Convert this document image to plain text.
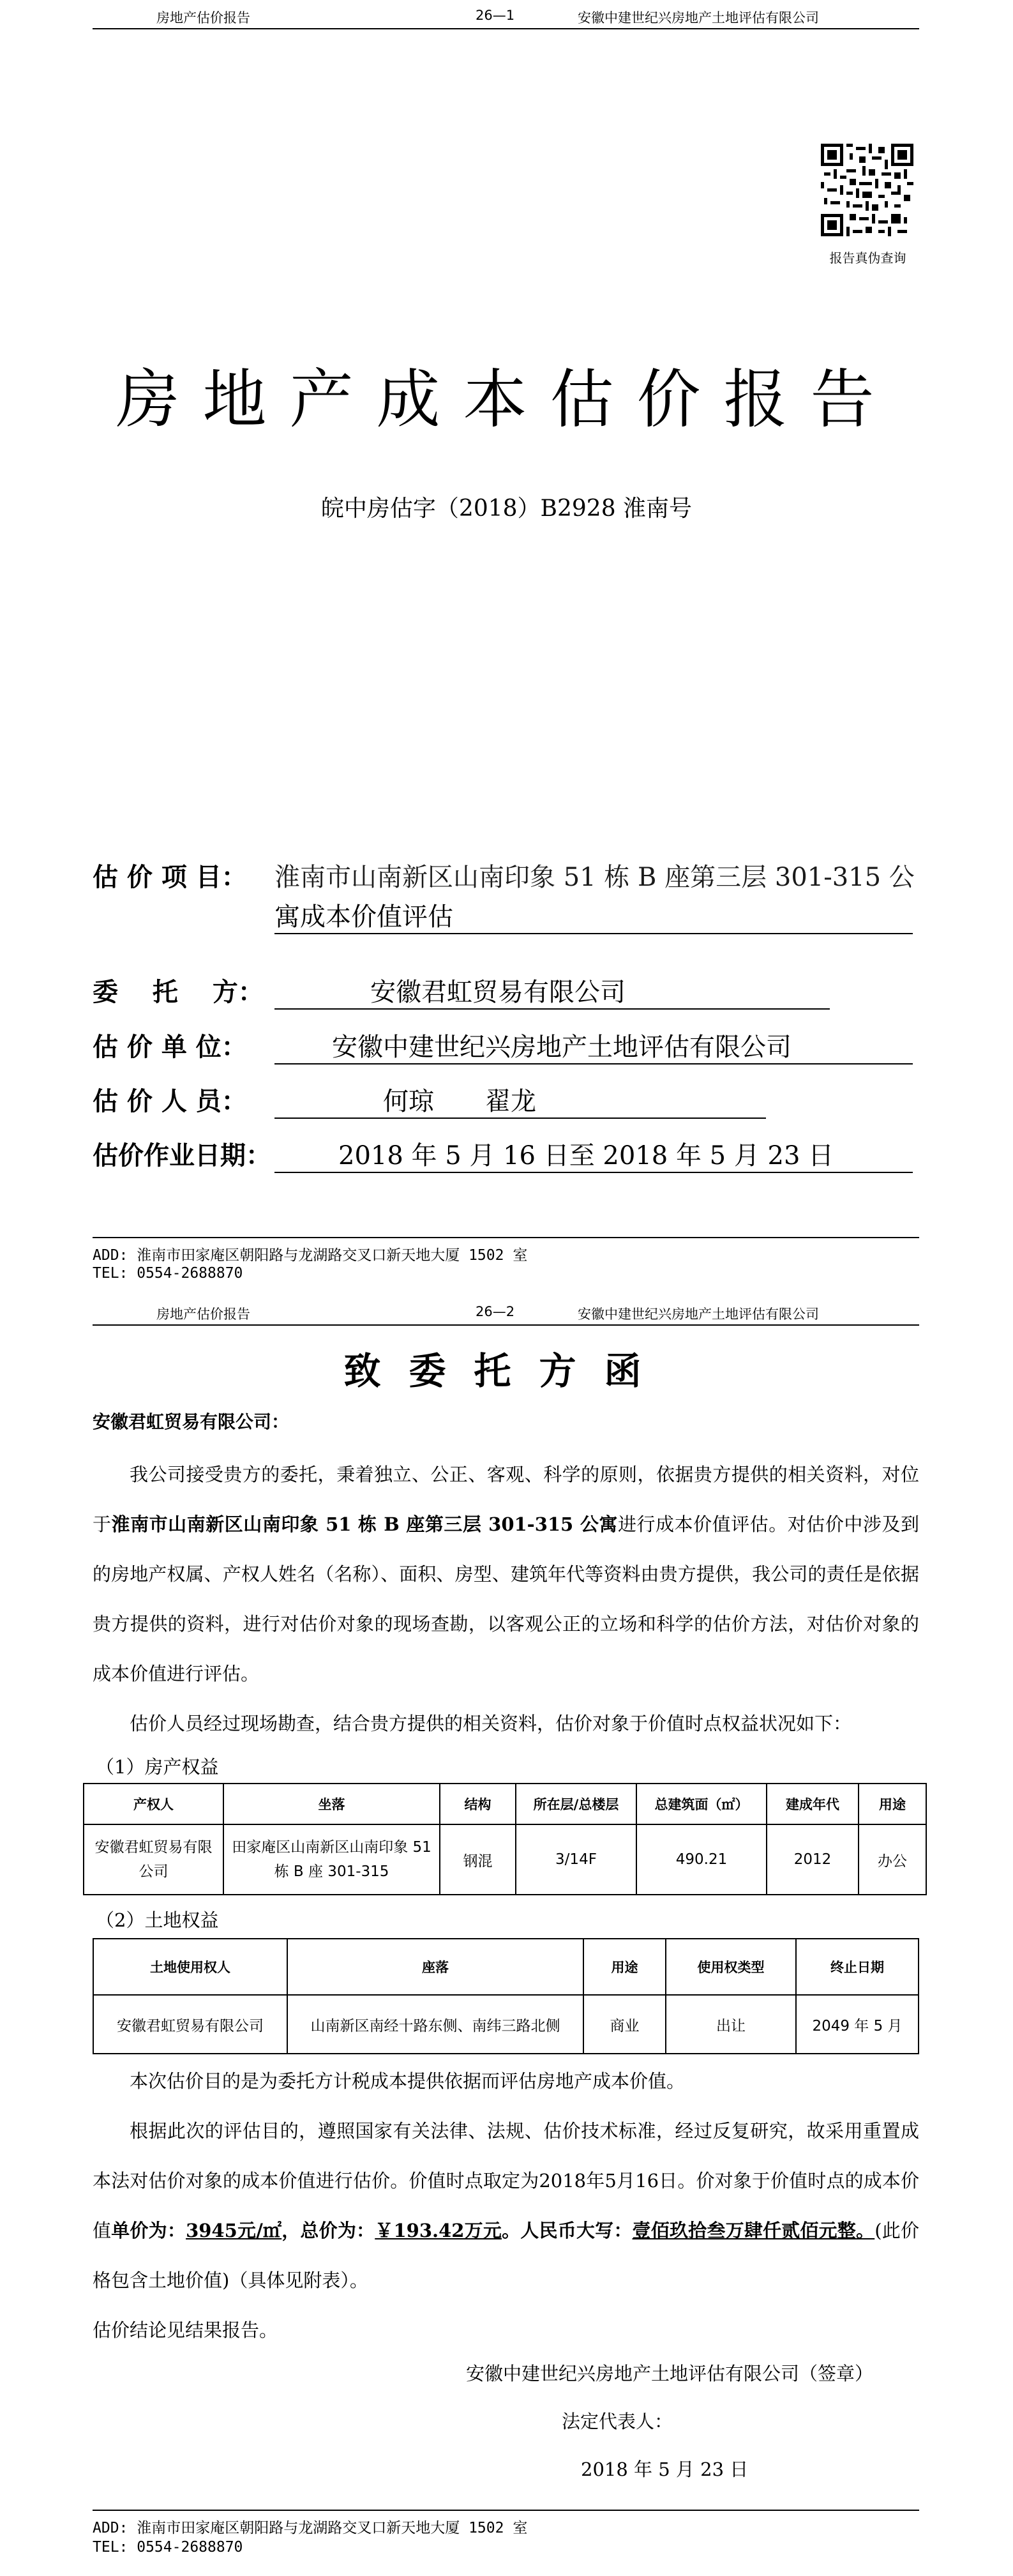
房地产估价报告	26—1	安徽中建世纪兴房地产土地评估有限公司
报告真伪查询
房地产成本估价报告
皖中房估字（2018）B2928 淮南号
估 价 项 目： 淮南市山南新区山南印象 51 栋 B 座第三层 301-315 公
寓成本价值评估
委　 托　 方：	安徽君虹贸易有限公司
估 价 单 位：	安徽中建世纪兴房地产土地评估有限公司
估 价 人 员：	何琼　　翟龙
估价作业日期：	2018 年 5 月 16 日至 2018 年 5 月 23 日
ADD: 淮南市田家庵区朝阳路与龙湖路交叉口新天地大厦 1502 室
TEL: 0554-2688870
房地产估价报告	26—2	安徽中建世纪兴房地产土地评估有限公司
致委托方函
安徽君虹贸易有限公司：
我公司接受贵方的委托，秉着独立、公正、客观、科学的原则，依据贵方提供的相关资料，对位于淮南市山南新区山南印象 51 栋 B 座第三层 301-315 公寓进行成本价值评估。对估价中涉及到的房地产权属、产权人姓名（名称）、面积、房型、建筑年代等资料由贵方提供，我公司的责任是依据贵方提供的资料，进行对估价对象的现场查勘，以客观公正的立场和科学的估价方法，对估价对象的成本价值进行评估。
估价人员经过现场勘查，结合贵方提供的相关资料，估价对象于价值时点权益状况如下：
（1）房产权益
产权人	坐落	结构	所在层/总楼层	总建筑面（㎡）	建成年代	用途
安徽君虹贸易有限公司	田家庵区山南新区山南印象 51 栋 B 座 301-315	钢混	3/14F	490.21	2012	办公
（2）土地权益
土地使用权人	座落	用途	使用权类型	终止日期
安徽君虹贸易有限公司	山南新区南经十路东侧、南纬三路北侧	商业	出让	2049 年 5 月
本次估价目的是为委托方计税成本提供依据而评估房地产成本价值。
根据此次的评估目的，遵照国家有关法律、法规、估价技术标准，经过反复研究，故采用重置成本法对估价对象的成本价值进行估价。价值时点取定为2018年5月16日。价对象于价值时点的成本价值单价为：3945元/㎡，总价为：￥193.42万元。人民币大写：壹佰玖拾叁万肆仟贰佰元整。(此价格包含土地价值)（具体见附表）。
估价结论见结果报告。
安徽中建世纪兴房地产土地评估有限公司（签章）
法定代表人：
2018 年 5 月 23 日
ADD: 淮南市田家庵区朝阳路与龙湖路交叉口新天地大厦 1502 室
TEL: 0554-2688870
